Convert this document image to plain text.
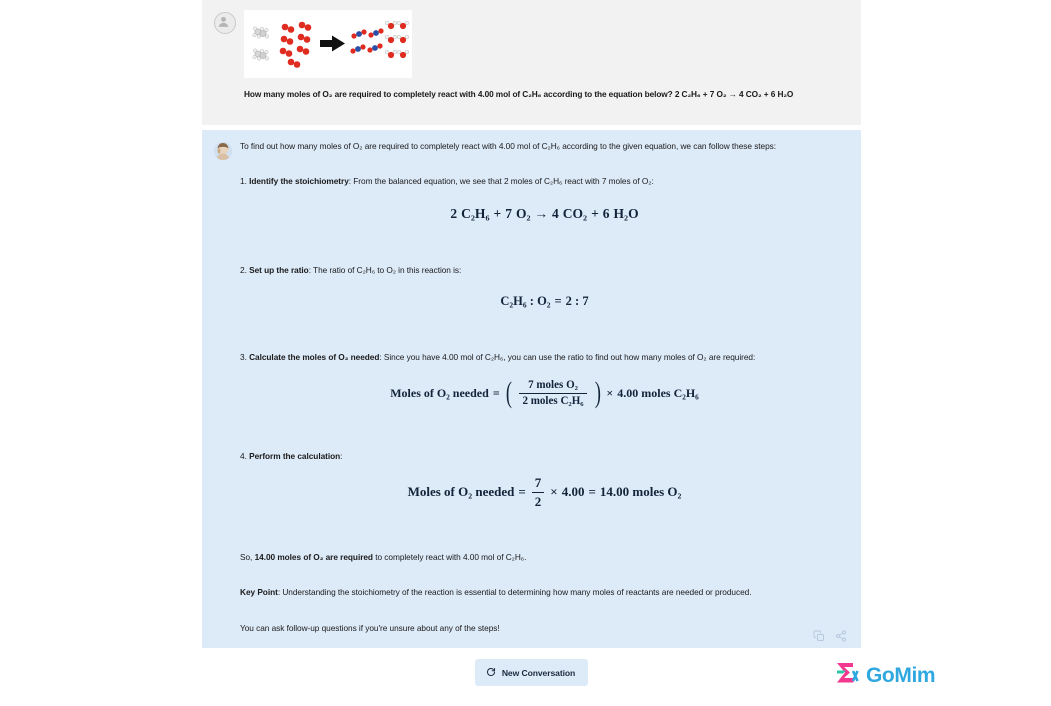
How many moles of O₂ are required to completely react with 4.00 mol of C₂H₆ according to the equation below? 2 C₂H₆ + 7 O₂ → 4 CO₂ + 6 H₂O

To find out how many moles of O₂ are required to completely react with 4.00 mol of C₂H₆ according to the given equation, we can follow these steps:

1. Identify the stoichiometry: From the balanced equation, we see that 2 moles of C₂H₆ react with 7 moles of O₂:

2 C₂H₆ + 7 O₂ → 4 CO₂ + 6 H₂O

2. Set up the ratio: The ratio of C₂H₆ to O₂ in this reaction is:

C₂H₆ : O₂ = 2 : 7

3. Calculate the moles of O₂ needed: Since you have 4.00 mol of C₂H₆, you can use the ratio to find out how many moles of O₂ are required:

Moles of O₂ needed = ( $\frac{\text{7 moles O₂}}{\text{2 moles C₂H₆}}$ ) × 4.00 moles C₂H₆

4. Perform the calculation:

Moles of O₂ needed = $\frac{7}{2} \times 4.00 = 14.00$ moles O₂

So, 14.00 moles of O₂ are required to completely react with 4.00 mol of C₂H₆.

Key Point: Understanding the stoichiometry of the reaction is essential to determining how many moles of reactants are needed or produced.

You can ask follow-up questions if you're unsure about any of the steps!

New Conversation	GoMim
